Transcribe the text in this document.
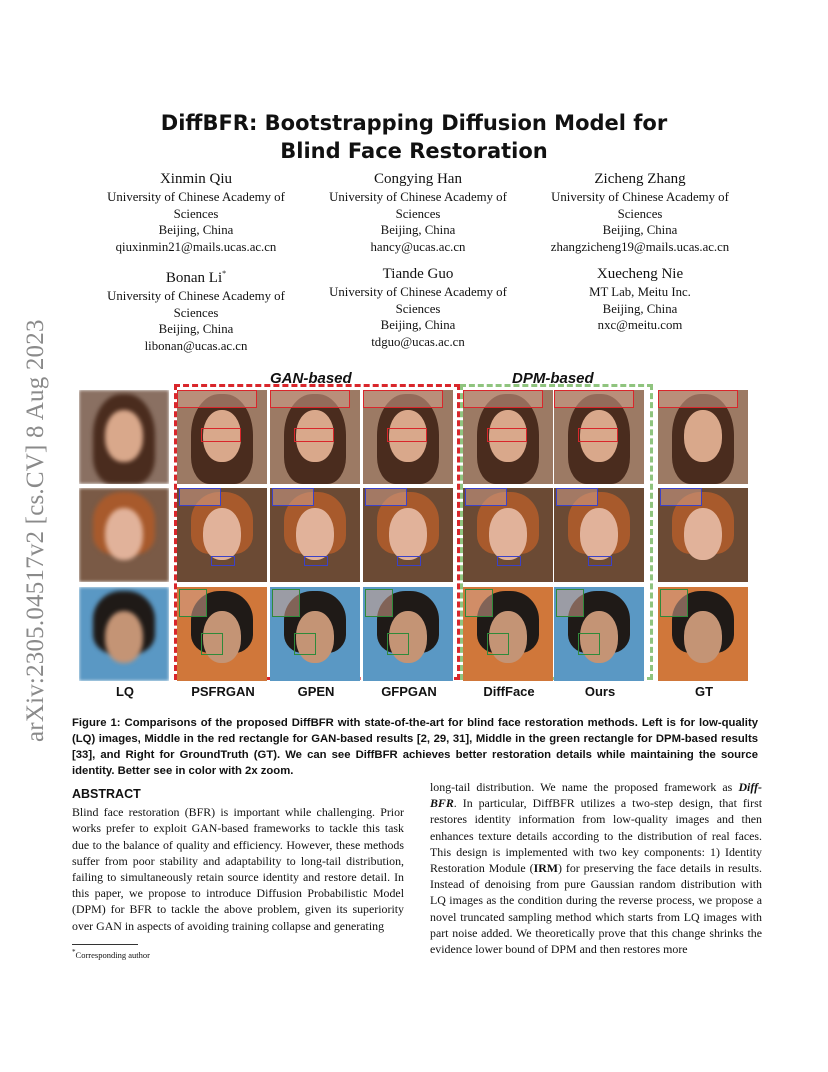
arXiv:2305.04517v2 [cs.CV] 8 Aug 2023
DiffBFR: Bootstrapping Diffusion Model for
Blind Face Restoration
Xinmin Qiu
University of Chinese Academy of
Sciences
Beijing, China
qiuxinmin21@mails.ucas.ac.cn
Congying Han
University of Chinese Academy of
Sciences
Beijing, China
hancy@ucas.ac.cn
Zicheng Zhang
University of Chinese Academy of
Sciences
Beijing, China
zhangzicheng19@mails.ucas.ac.cn
Bonan Li*
University of Chinese Academy of
Sciences
Beijing, China
libonan@ucas.ac.cn
Tiande Guo
University of Chinese Academy of
Sciences
Beijing, China
tdguo@ucas.ac.cn
Xuecheng Nie
MT Lab, Meitu Inc.
Beijing, China
nxc@meitu.com
GAN-based	DPM-based
LQ	PSFRGAN	GPEN	GFPGAN	DiffFace	Ours	GT
Figure 1: Comparisons of the proposed DiffBFR with state-of-the-art for blind face restoration methods. Left is for low-quality (LQ) images, Middle in the red rectangle for GAN-based results [2, 29, 31], Middle in the green rectangle for DPM-based results [33], and Right for GroundTruth (GT). We can see DiffBFR achieves better restoration details while maintaining the source identity. Better see in color with 2x zoom.
ABSTRACT
Blind face restoration (BFR) is important while challenging. Prior works prefer to exploit GAN-based frameworks to tackle this task due to the balance of quality and efficiency. However, these methods suffer from poor stability and adaptability to long-tail distribution, failing to simultaneously retain source identity and restore detail. In this paper, we propose to introduce Diffusion Probabilistic Model (DPM) for BFR to tackle the above problem, given its superiority over GAN in aspects of avoiding training collapse and generating
long-tail distribution. We name the proposed framework as Diff-BFR. In particular, DiffBFR utilizes a two-step design, that first restores identity information from low-quality images and then enhances texture details according to the distribution of real faces. This design is implemented with two key components: 1) Identity Restoration Module (IRM) for preserving the face details in results. Instead of denoising from pure Gaussian random distribution with LQ images as the condition during the reverse process, we propose a novel truncated sampling method which starts from LQ images with part noise added. We theoretically prove that this change shrinks the evidence lower bound of DPM and then restores more
*Corresponding author
